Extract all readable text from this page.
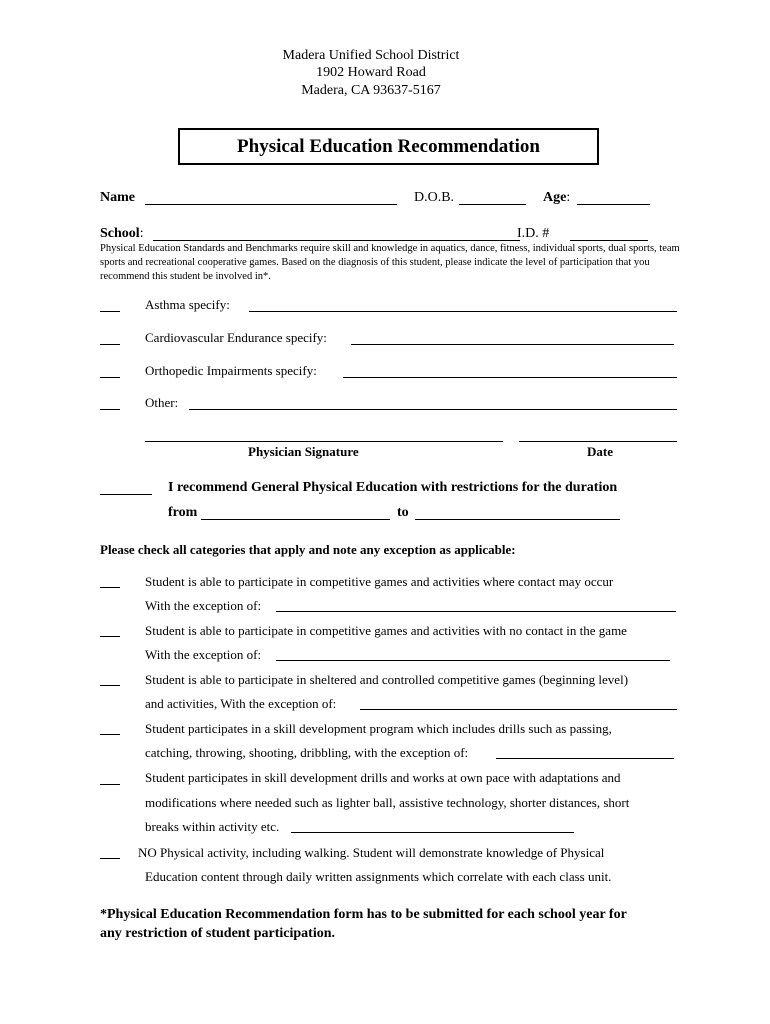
Madera Unified School District
1902 Howard Road
Madera, CA 93637-5167
Physical Education Recommendation
Name	D.O.B.	Age:
School:	I.D. #
Physical Education Standards and Benchmarks require skill and knowledge in aquatics, dance, fitness, individual sports, dual sports, team sports and recreational cooperative games. Based on the diagnosis of this student, please indicate the level of participation that you recommend this student be involved in*.
Asthma specify:
Cardiovascular Endurance specify:
Orthopedic Impairments specify:
Other:
Physician Signature	Date
I recommend General Physical Education with restrictions for the duration
from	to
Please check all categories that apply and note any exception as applicable:
Student is able to participate in competitive games and activities where contact may occur
With the exception of:
Student is able to participate in competitive games and activities with no contact in the game
With the exception of:
Student is able to participate in sheltered and controlled competitive games (beginning level)
and activities, With the exception of:
Student participates in a skill development program which includes drills such as passing,
catching, throwing, shooting, dribbling, with the exception of:
Student participates in skill development drills and works at own pace with adaptations and
modifications where needed such as lighter ball, assistive technology, shorter distances, short
breaks within activity etc.
NO Physical activity, including walking. Student will demonstrate knowledge of Physical
Education content through daily written assignments which correlate with each class unit.
*Physical Education Recommendation form has to be submitted for each school year for
any restriction of student participation.
